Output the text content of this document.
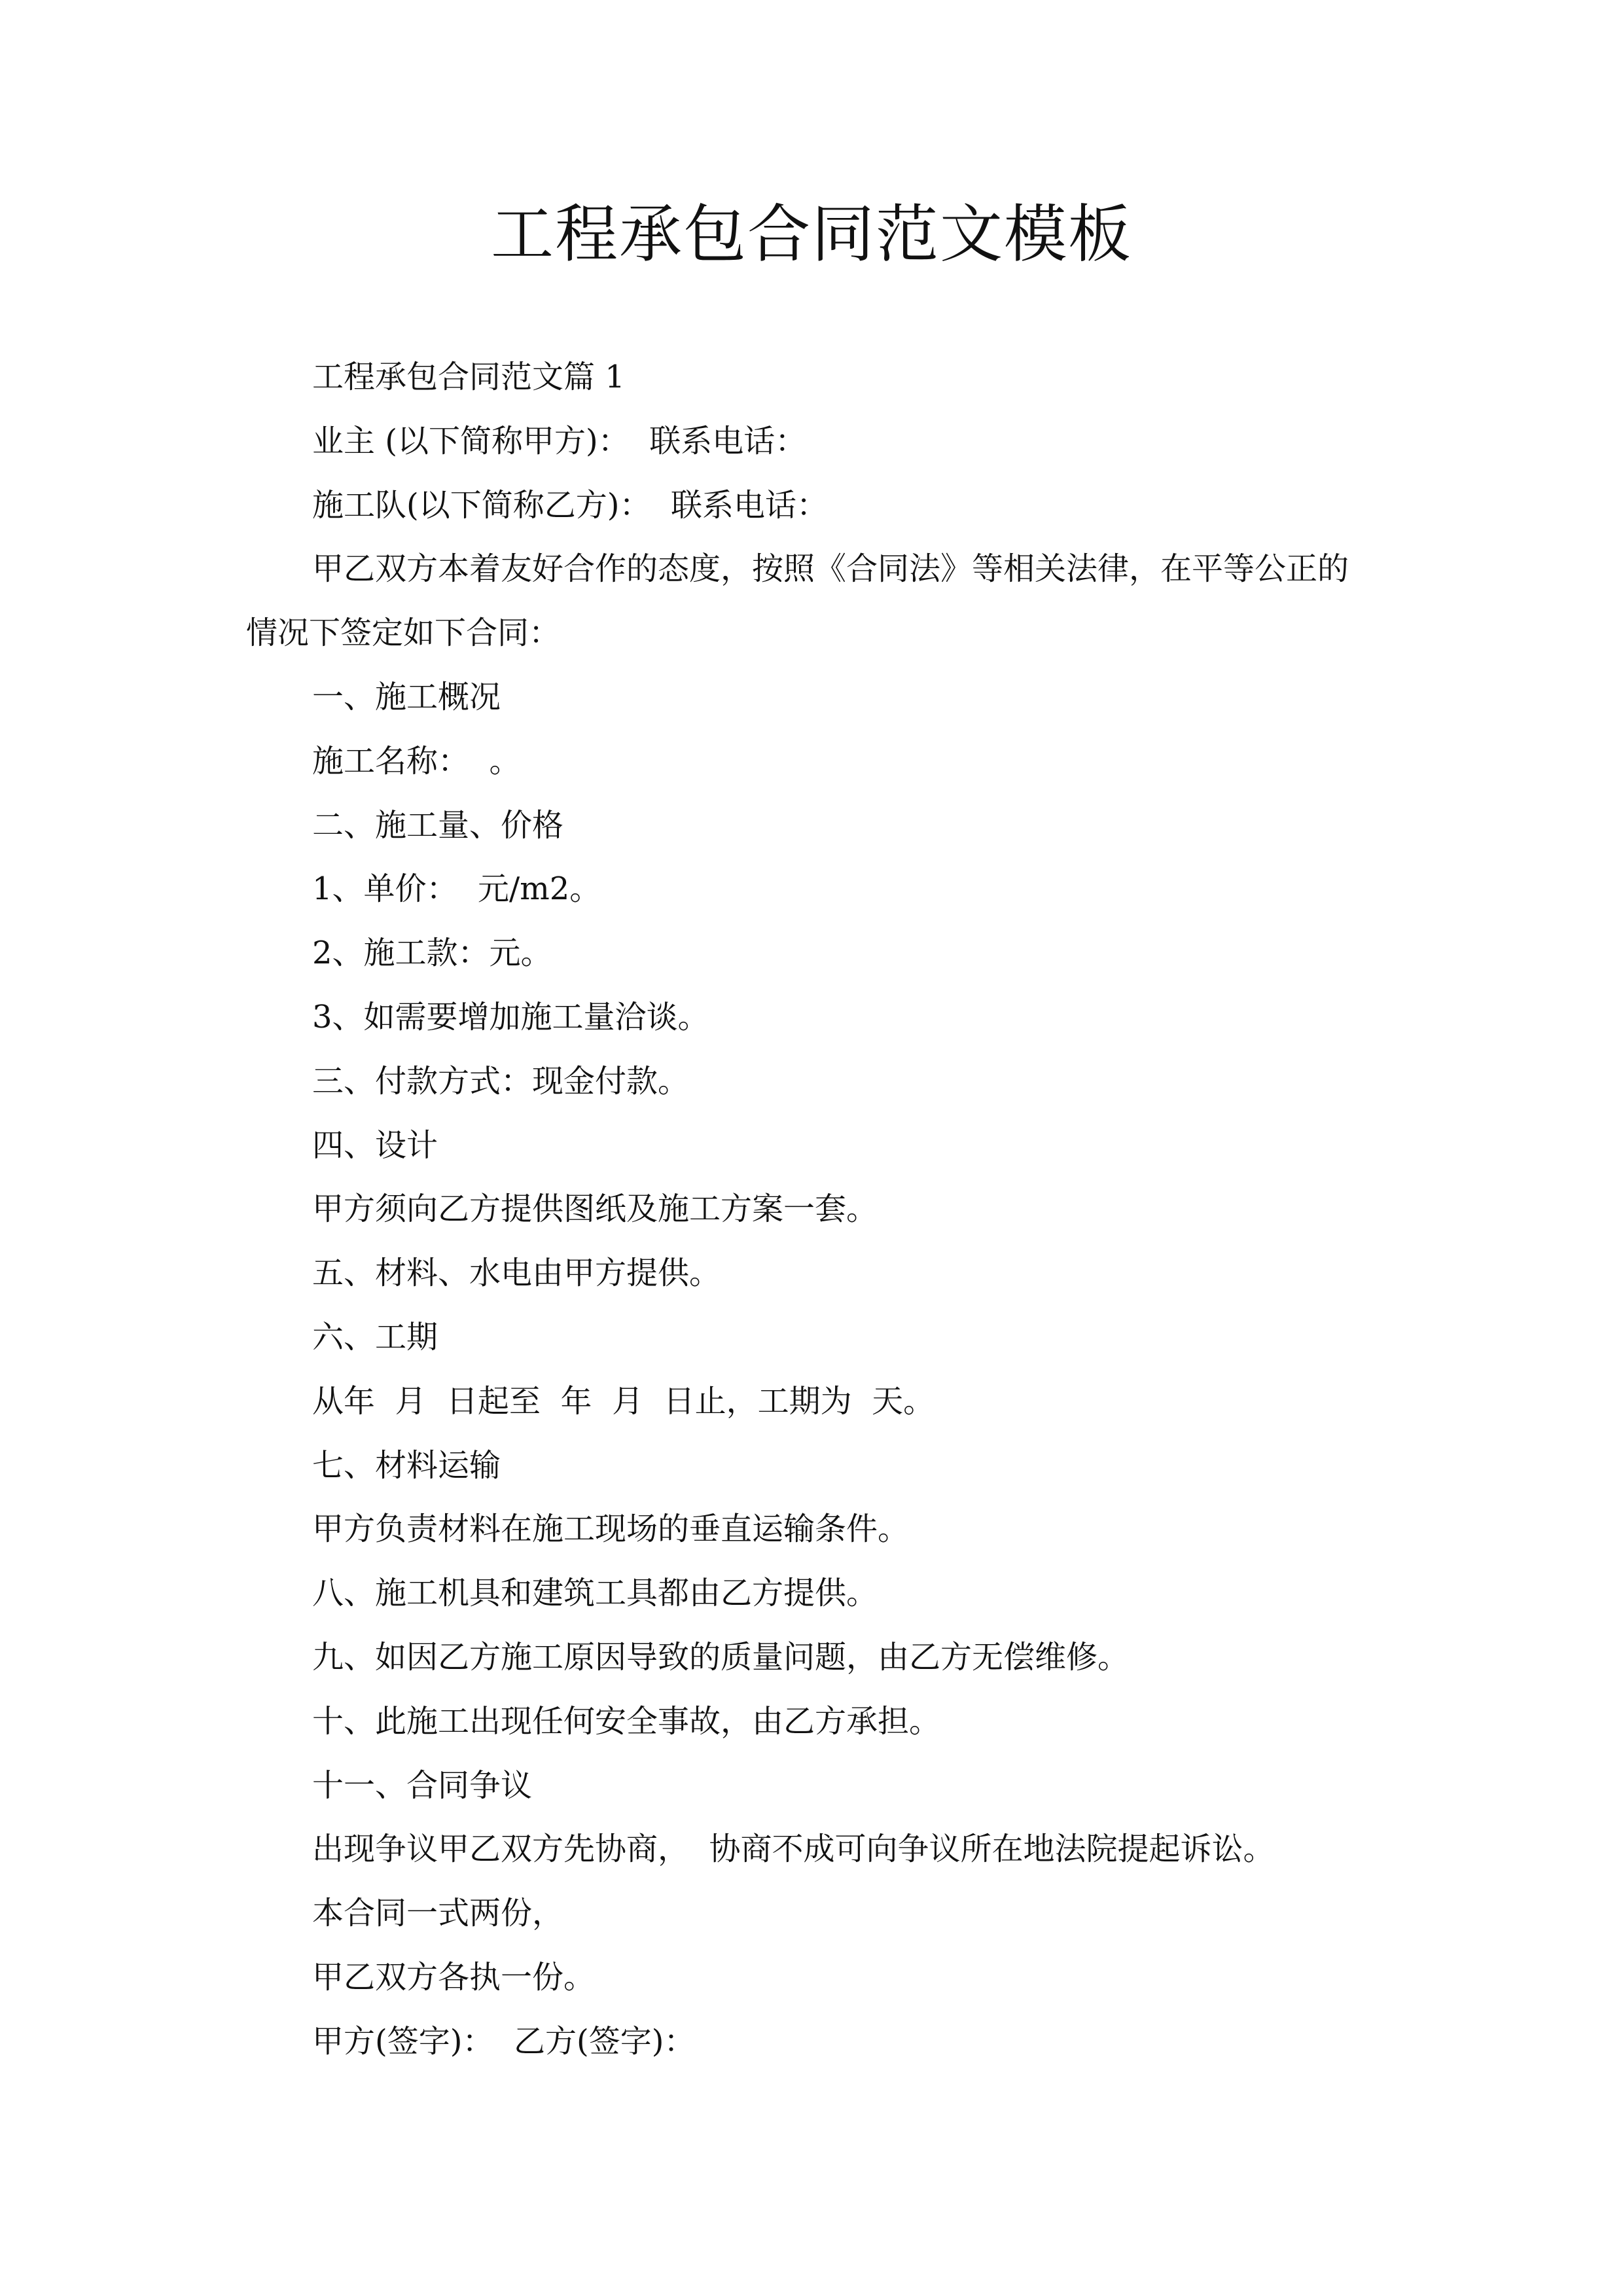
工程承包合同范文模板
工程承包合同范文篇 1
业主 (以下简称甲方)：  联系电话：
施工队(以下简称乙方)：  联系电话：
甲乙双方本着友好合作的态度，按照《合同法》等相关法律，在平等公正的
情况下签定如下合同：
一、施工概况
施工名称：  。
二、施工量、价格
1、单价：  元/m2。
2、施工款：元。
3、如需要增加施工量洽谈。
三、付款方式：现金付款。
四、设计
甲方须向乙方提供图纸及施工方案一套。
五、材料、水电由甲方提供。
六、工期
从年  月  日起至  年  月  日止，工期为  天。
七、材料运输
甲方负责材料在施工现场的垂直运输条件。
八、施工机具和建筑工具都由乙方提供。
九、如因乙方施工原因导致的质量问题，由乙方无偿维修。
十、此施工出现任何安全事故，由乙方承担。
十一、合同争议
出现争议甲乙双方先协商，  协商不成可向争议所在地法院提起诉讼。
本合同一式两份，
甲乙双方各执一份。
甲方(签字)：  乙方(签字)：
